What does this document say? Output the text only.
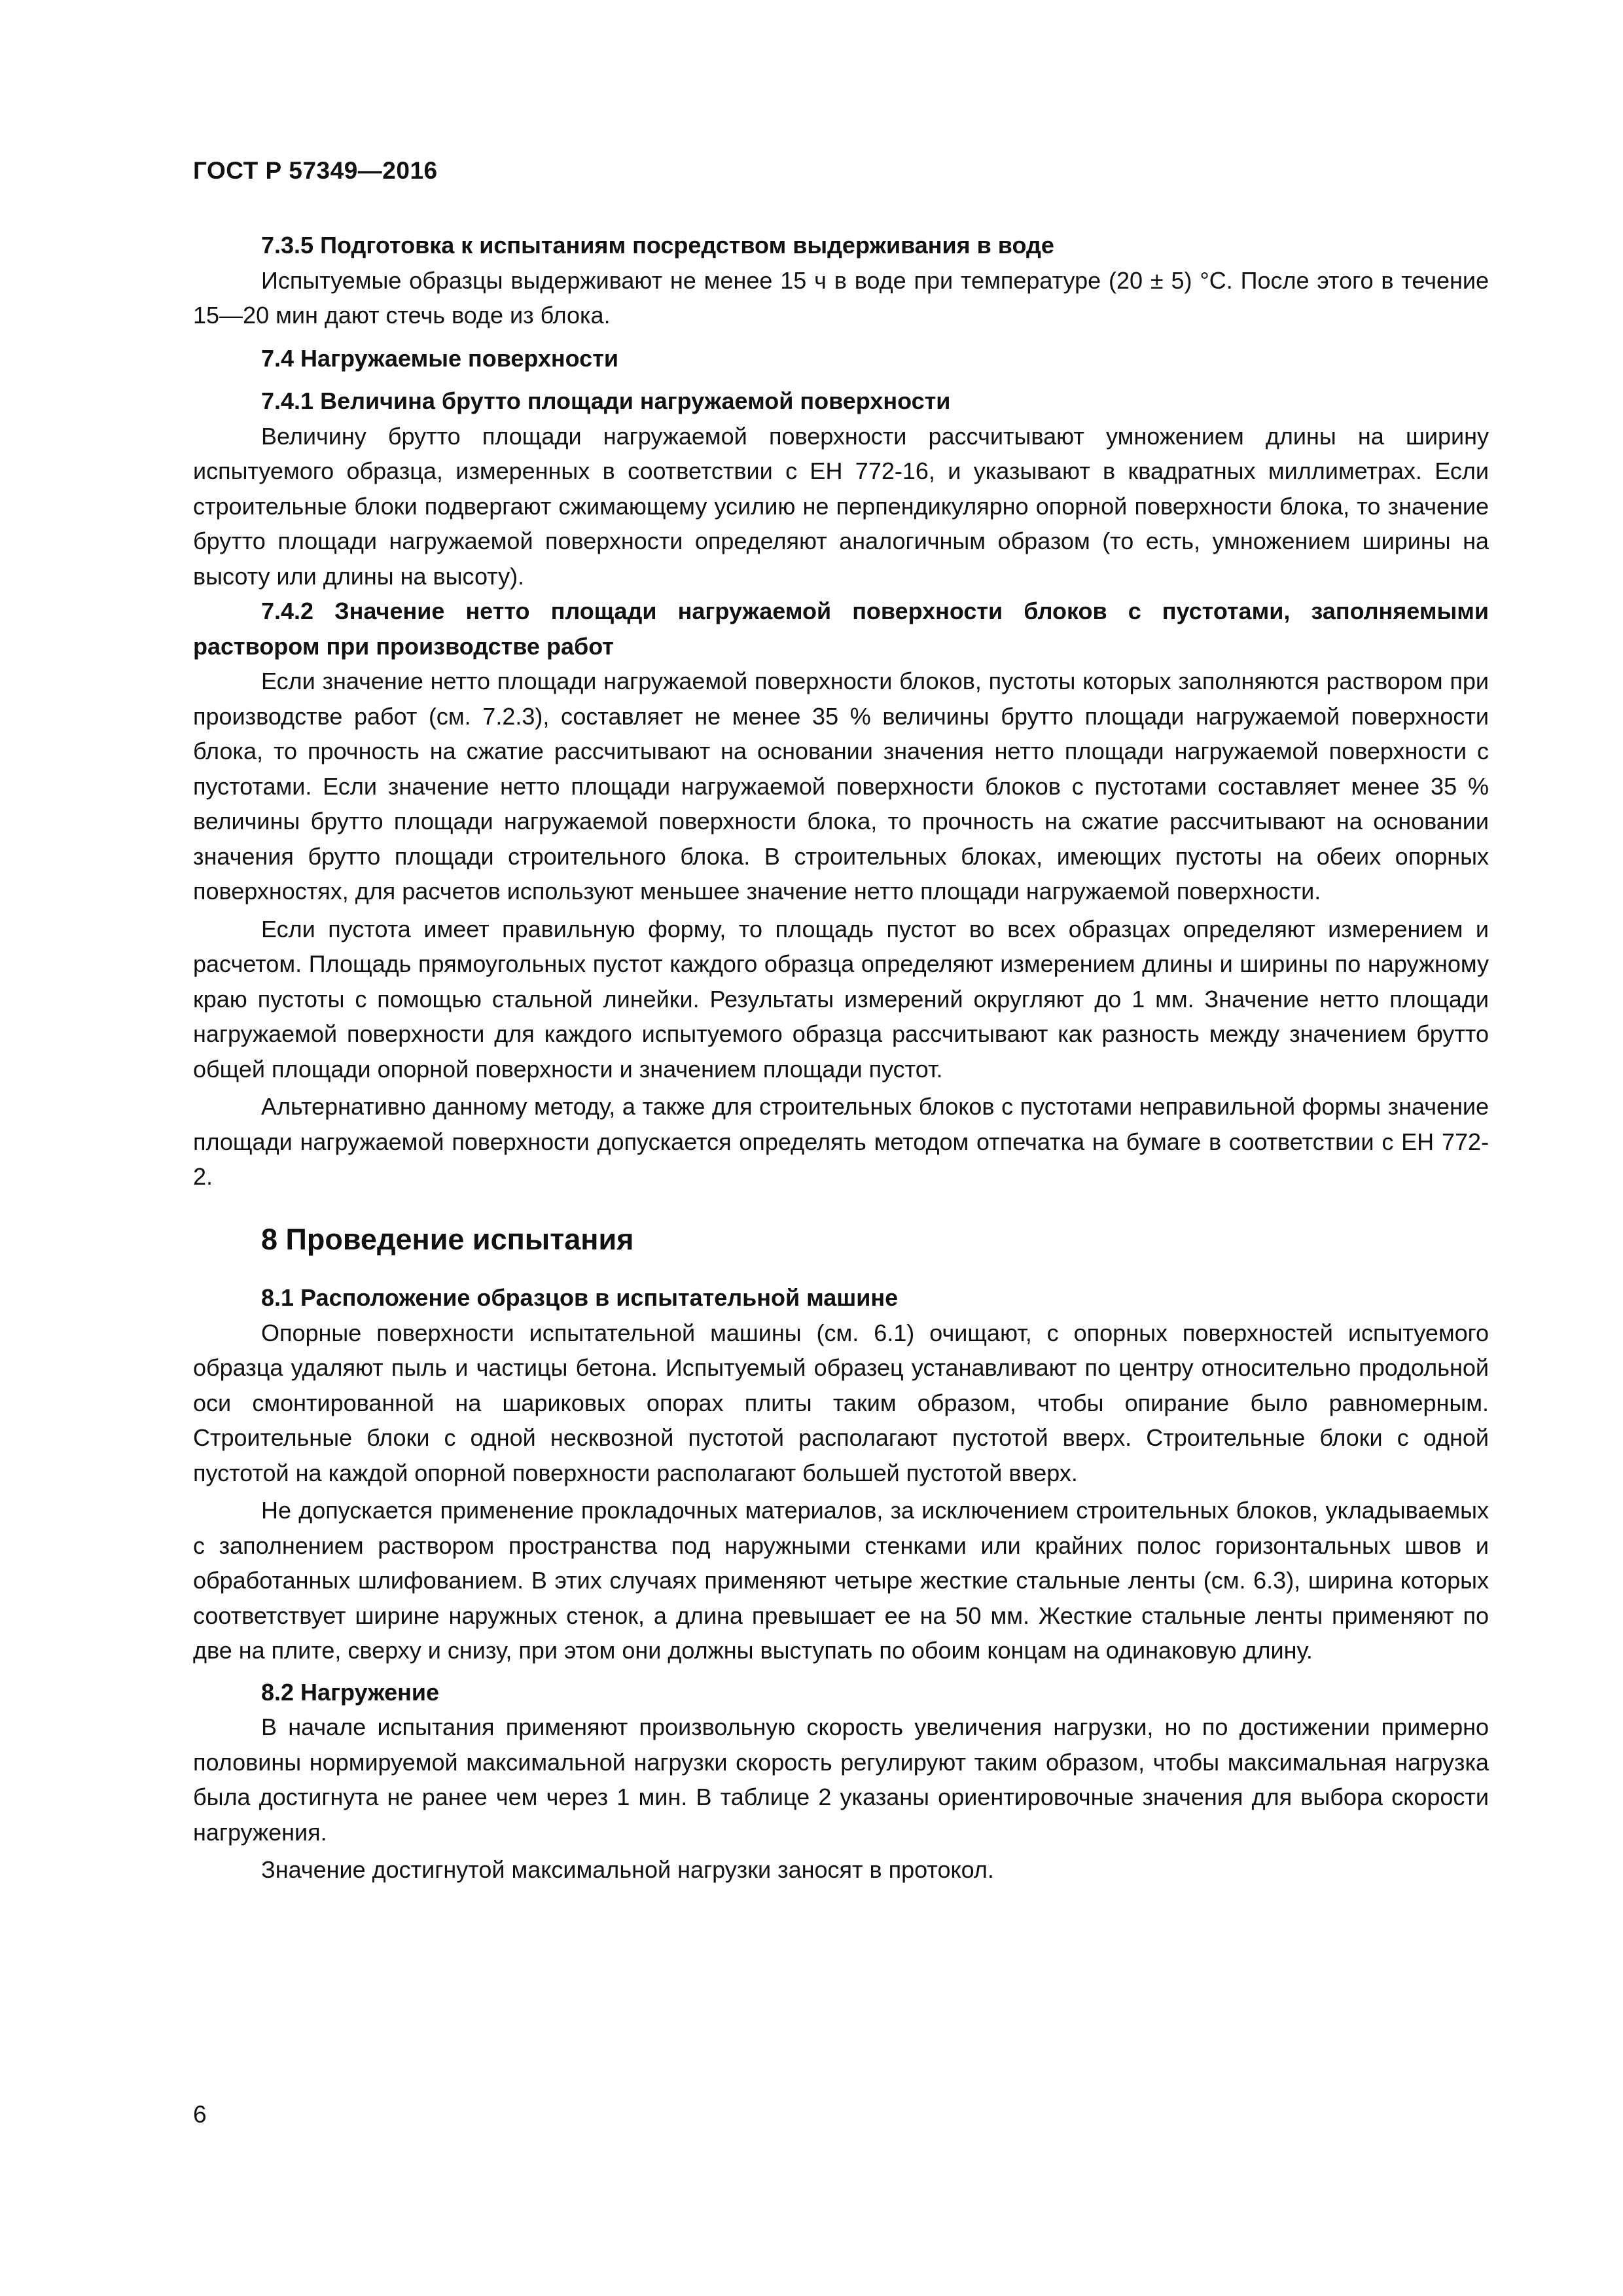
ГОСТ Р 57349—2016
7.3.5 Подготовка к испытаниям посредством выдерживания в воде

Испытуемые образцы выдерживают не менее 15 ч в воде при температуре (20 ± 5) °С. После этого в течение 15—20 мин дают стечь воде из блока.

7.4 Нагружаемые поверхности
7.4.1 Величина брутто площади нагружаемой поверхности

Величину брутто площади нагружаемой поверхности рассчитывают умножением длины на ширину испытуемого образца, измеренных в соответствии с ЕН 772-16, и указывают в квадратных миллиметрах. Если строительные блоки подвергают сжимающему усилию не перпендикулярно опорной поверхности блока, то значение брутто площади нагружаемой поверхности определяют аналогичным образом (то есть, умножением ширины на высоту или длины на высоту).

7.4.2 Значение нетто площади нагружаемой поверхности блоков с пустотами, заполняемыми раствором при производстве работ

Если значение нетто площади нагружаемой поверхности блоков, пустоты которых заполняются раствором при производстве работ (см. 7.2.3), составляет не менее 35 % величины брутто площади нагружаемой поверхности блока, то прочность на сжатие рассчитывают на основании значения нетто площади нагружаемой поверхности с пустотами. Если значение нетто площади нагружаемой поверхности блоков с пустотами составляет менее 35 % величины брутто площади нагружаемой поверхности блока, то прочность на сжатие рассчитывают на основании значения брутто площади строительного блока. В строительных блоках, имеющих пустоты на обеих опорных поверхностях, для расчетов используют меньшее значение нетто площади нагружаемой поверхности.

Если пустота имеет правильную форму, то площадь пустот во всех образцах определяют измерением и расчетом. Площадь прямоугольных пустот каждого образца определяют измерением длины и ширины по наружному краю пустоты с помощью стальной линейки. Результаты измерений округляют до 1 мм. Значение нетто площади нагружаемой поверхности для каждого испытуемого образца рассчитывают как разность между значением брутто общей площади опорной поверхности и значением площади пустот.

Альтернативно данному методу, а также для строительных блоков с пустотами неправильной формы значение площади нагружаемой поверхности допускается определять методом отпечатка на бумаге в соответствии с ЕН 772-2.

8 Проведение испытания
8.1 Расположение образцов в испытательной машине

Опорные поверхности испытательной машины (см. 6.1) очищают, с опорных поверхностей испытуемого образца удаляют пыль и частицы бетона. Испытуемый образец устанавливают по центру относительно продольной оси смонтированной на шариковых опорах плиты таким образом, чтобы опирание было равномерным. Строительные блоки с одной несквозной пустотой располагают пустотой вверх. Строительные блоки с одной пустотой на каждой опорной поверхности располагают большей пустотой вверх.

Не допускается применение прокладочных материалов, за исключением строительных блоков, укладываемых с заполнением раствором пространства под наружными стенками или крайних полос горизонтальных швов и обработанных шлифованием. В этих случаях применяют четыре жесткие стальные ленты (см. 6.3), ширина которых соответствует ширине наружных стенок, а длина превышает ее на 50 мм. Жесткие стальные ленты применяют по две на плите, сверху и снизу, при этом они должны выступать по обоим концам на одинаковую длину.

8.2 Нагружение

В начале испытания применяют произвольную скорость увеличения нагрузки, но по достижении примерно половины нормируемой максимальной нагрузки скорость регулируют таким образом, чтобы максимальная нагрузка была достигнута не ранее чем через 1 мин. В таблице 2 указаны ориентировочные значения для выбора скорости нагружения.

Значение достигнутой максимальной нагрузки заносят в протокол.

6
